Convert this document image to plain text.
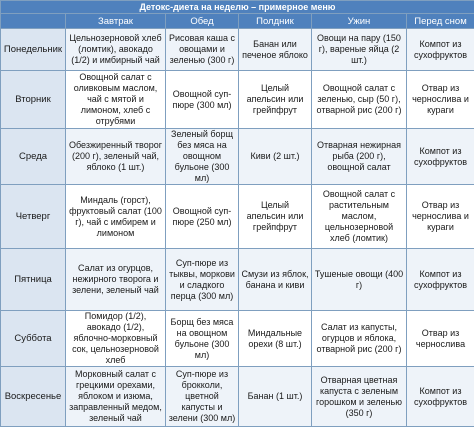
Детокс-диета на неделю – примерное меню					
	Завтрак	Обед	Полдник	Ужин	Перед сном
Понедельник	Цельнозерновой хлеб (ломтик), авокадо (1/2) и имбирный чай	Рисовая каша с овощами и зеленью (300 г)	Банан или печеное яблоко	Овощи на пару (150 г), вареные яйца (2 шт.)	Компот из сухофруктов
Вторник	Овощной салат с оливковым маслом, чай с мятой и лимоном, хлеб с отрубями	Овощной суп-пюре (300 мл)	Целый апельсин или грейпфрут	Овощной салат с зеленью, сыр (50 г), отварной рис (200 г)	Отвар из черносливa и кураги
Среда	Обезжиренный творог (200 г), зеленый чай, яблоко (1 шт.)	Зеленый борщ без мяса на овощном бульоне (300 мл)	Киви (2 шт.)	Отварная нежирная рыба (200 г), овощной салат	Компот из сухофруктов
Четверг	Миндаль (горст), фруктовый салат (100 г), чай с имбирем и лимоном	Овощной суп-пюре (250 мл)	Целый апельсин или грейпфрут	Овощной салат с растительным маслом, цельнозерновой хлеб (ломтик)	Отвар из черносливa и кураги
Пятница	Салат из огурцов, нежирного творога и зелени, зеленый чай	Суп-пюре из тыквы, моркови и сладкого перца (300 мл)	Смузи из яблок, банана и киви	Тушеные овощи (400 г)	Компот из сухофруктов
Суббота	Помидор (1/2), авокадо (1/2), яблочно-морковный сок, цельнозерновой хлеб	Борщ без мяса на овощном бульоне (300 мл)	Миндальные орехи (8 шт.)	Салат из капусты, огурцов и яблока, отварной рис (200 г)	Отвар из черносливa
Воскресенье	Морковный салат с грецкими орехами, яблоком и изюма, заправленный медом, зеленый чай	Суп-пюре из брокколи, цветной капусты и зелени (300 мл)	Банан (1 шт.)	Отварная цветная капуста с зеленым горошком и зеленью (350 г)	Компот из сухофруктов
